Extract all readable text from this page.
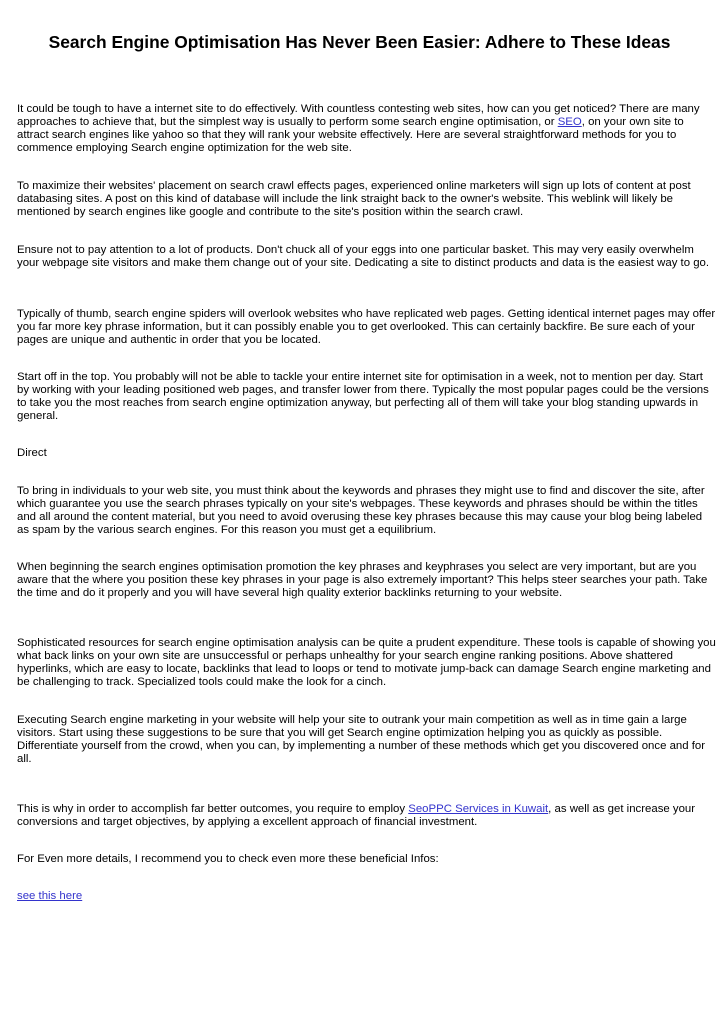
Search Engine Optimisation Has Never Been Easier: Adhere to These Ideas

It could be tough to have a internet site to do effectively. With countless contesting web sites, how can you get noticed? There are many approaches to achieve that, but the simplest way is usually to perform some search engine optimisation, or SEO, on your own site to attract search engines like yahoo so that they will rank your website effectively. Here are several straightforward methods for you to commence employing Search engine optimization for the web site.

To maximize their websites' placement on search crawl effects pages, experienced online marketers will sign up lots of content at post databasing sites. A post on this kind of database will include the link straight back to the owner's website. This weblink will likely be mentioned by search engines like google and contribute to the site's position within the search crawl.

Ensure not to pay attention to a lot of products. Don't chuck all of your eggs into one particular basket. This may very easily overwhelm your webpage site visitors and make them change out of your site. Dedicating a site to distinct products and data is the easiest way to go.

Typically of thumb, search engine spiders will overlook websites who have replicated web pages. Getting identical internet pages may offer you far more key phrase information, but it can possibly enable you to get overlooked. This can certainly backfire. Be sure each of your pages are unique and authentic in order that you be located.

Start off in the top. You probably will not be able to tackle your entire internet site for optimisation in a week, not to mention per day. Start by working with your leading positioned web pages, and transfer lower from there. Typically the most popular pages could be the versions to take you the most reaches from search engine optimization anyway, but perfecting all of them will take your blog standing upwards in general.

Direct

To bring in individuals to your web site, you must think about the keywords and phrases they might use to find and discover the site, after which guarantee you use the search phrases typically on your site's webpages. These keywords and phrases should be within the titles and all around the content material, but you need to avoid overusing these key phrases because this may cause your blog being labeled as spam by the various search engines. For this reason you must get a equilibrium.

When beginning the search engines optimisation promotion the key phrases and keyphrases you select are very important, but are you aware that the where you position these key phrases in your page is also extremely important? This helps steer searches your path. Take the time and do it properly and you will have several high quality exterior backlinks returning to your website.

Sophisticated resources for search engine optimisation analysis can be quite a prudent expenditure. These tools is capable of showing you what back links on your own site are unsuccessful or perhaps unhealthy for your search engine ranking positions. Above shattered hyperlinks, which are easy to locate, backlinks that lead to loops or tend to motivate jump-back can damage Search engine marketing and be challenging to track. Specialized tools could make the look for a cinch.

Executing Search engine marketing in your website will help your site to outrank your main competition as well as in time gain a large visitors. Start using these suggestions to be sure that you will get Search engine optimization helping you as quickly as possible. Differentiate yourself from the crowd, when you can, by implementing a number of these methods which get you discovered once and for all.

This is why in order to accomplish far better outcomes, you require to employ SeoPPC Services in Kuwait, as well as get increase your conversions and target objectives, by applying a excellent approach of financial investment.

For Even more details, I recommend you to check even more these beneficial Infos:

see this here
